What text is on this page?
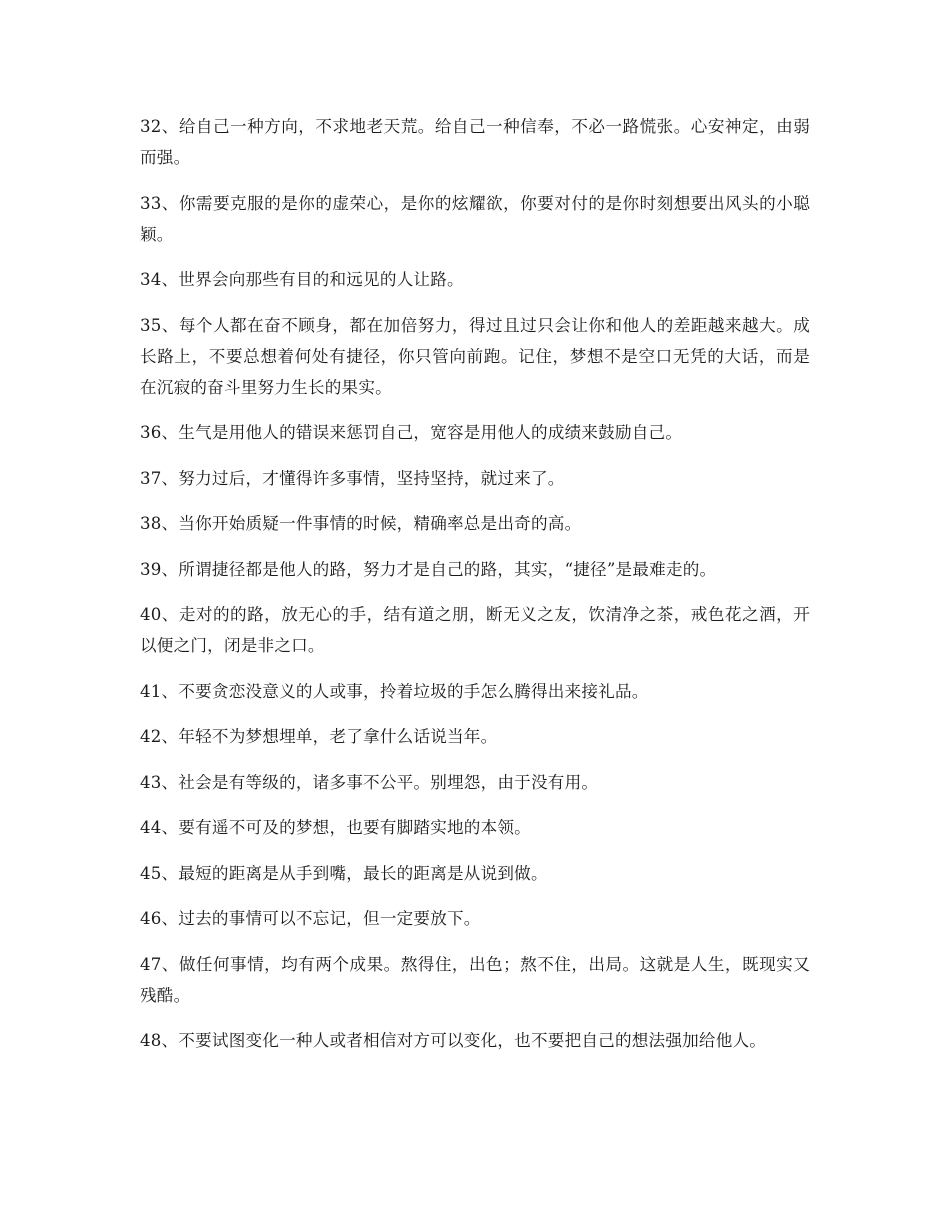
32、给自己一种方向，不求地老天荒。给自己一种信奉，不必一路慌张。心安神定，由弱而强。

33、你需要克服的是你的虚荣心，是你的炫耀欲，你要对付的是你时刻想要出风头的小聪颖。

34、世界会向那些有目的和远见的人让路。

35、每个人都在奋不顾身，都在加倍努力，得过且过只会让你和他人的差距越来越大。成长路上，不要总想着何处有捷径，你只管向前跑。记住，梦想不是空口无凭的大话，而是在沉寂的奋斗里努力生长的果实。

36、生气是用他人的错误来惩罚自己，宽容是用他人的成绩来鼓励自己。

37、努力过后，才懂得许多事情，坚持坚持，就过来了。

38、当你开始质疑一件事情的时候，精确率总是出奇的高。

39、所谓捷径都是他人的路，努力才是自己的路，其实，“捷径”是最难走的。

40、走对的的路，放无心的手，结有道之朋，断无义之友，饮清净之茶，戒色花之酒，开以便之门，闭是非之口。

41、不要贪恋没意义的人或事，拎着垃圾的手怎么腾得出来接礼品。

42、年轻不为梦想埋单，老了拿什么话说当年。

43、社会是有等级的，诸多事不公平。别埋怨，由于没有用。

44、要有遥不可及的梦想，也要有脚踏实地的本领。

45、最短的距离是从手到嘴，最长的距离是从说到做。

46、过去的事情可以不忘记，但一定要放下。

47、做任何事情，均有两个成果。熬得住，出色；熬不住，出局。这就是人生，既现实又残酷。

48、不要试图变化一种人或者相信对方可以变化，也不要把自己的想法强加给他人。
